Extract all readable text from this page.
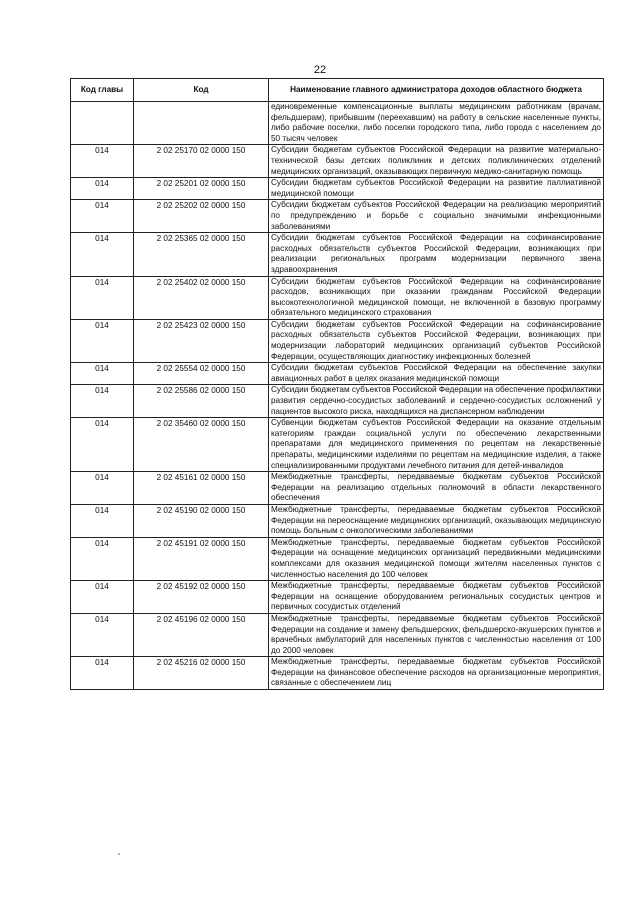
22
Код главы	Код	Наименование главного администратора доходов областного бюджета
		единовременные компенсационные выплаты медицинским работникам (врачам, фельдшерам), прибывшим (переехавшим) на работу в сельские населенные пункты, либо рабочие поселки, либо поселки городского типа, либо города с населением до 50 тысяч человек
014	2 02 25170 02 0000 150	Субсидии бюджетам субъектов Российской Федерации на развитие материально-технической базы детских поликлиник и детских поликлинических отделений медицинских организаций, оказывающих первичную медико-санитарную помощь
014	2 02 25201 02 0000 150	Субсидии бюджетам субъектов Российской Федерации на развитие паллиативной медицинской помощи
014	2 02 25202 02 0000 150	Субсидии бюджетам субъектов Российской Федерации на реализацию мероприятий по предупреждению и борьбе с социально значимыми инфекционными заболеваниями
014	2 02 25365 02 0000 150	Субсидии бюджетам субъектов Российской Федерации на софинансирование расходных обязательств субъектов Российской Федерации, возникающих при реализации региональных программ модернизации первичного звена здравоохранения
014	2 02 25402 02 0000 150	Субсидии бюджетам субъектов Российской Федерации на софинансирование расходов, возникающих при оказании гражданам Российской Федерации высокотехнологичной медицинской помощи, не включенной в базовую программу обязательного медицинского страхования
014	2 02 25423 02 0000 150	Субсидии бюджетам субъектов Российской Федерации на софинансирование расходных обязательств субъектов Российской Федерации, возникающих при модернизации лабораторий медицинских организаций субъектов Российской Федерации, осуществляющих диагностику инфекционных болезней
014	2 02 25554 02 0000 150	Субсидии бюджетам субъектов Российской Федерации на обеспечение закупки авиационных работ в целях оказания медицинской помощи
014	2 02 25586 02 0000 150	Субсидии бюджетам субъектов Российской Федерации на обеспечение профилактики развития сердечно-сосудистых заболеваний и сердечно-сосудистых осложнений у пациентов высокого риска, находящихся на диспансерном наблюдении
014	2 02 35460 02 0000 150	Субвенции бюджетам субъектов Российской Федерации на оказание отдельным категориям граждан социальной услуги по обеспечению лекарственными препаратами для медицинского применения по рецептам на лекарственные препараты, медицинскими изделиями по рецептам на медицинские изделия, а также специализированными продуктами лечебного питания для детей-инвалидов
014	2 02 45161 02 0000 150	Межбюджетные трансферты, передаваемые бюджетам субъектов Российской Федерации на реализацию отдельных полномочий в области лекарственного обеспечения
014	2 02 45190 02 0000 150	Межбюджетные трансферты, передаваемые бюджетам субъектов Российской Федерации на переоснащение медицинских организаций, оказывающих медицинскую помощь больным с онкологическими заболеваниями
014	2 02 45191 02 0000 150	Межбюджетные трансферты, передаваемые бюджетам субъектов Российской Федерации на оснащение медицинских организаций передвижными медицинскими комплексами для оказания медицинской помощи жителям населенных пунктов с численностью населения до 100 человек
014	2 02 45192 02 0000 150	Межбюджетные трансферты, передаваемые бюджетам субъектов Российской Федерации на оснащение оборудованием региональных сосудистых центров и первичных сосудистых отделений
014	2 02 45196 02 0000 150	Межбюджетные трансферты, передаваемые бюджетам субъектов Российской Федерации на создание и замену фельдшерских, фельдшерско-акушерских пунктов и врачебных амбулаторий для населенных пунктов с численностью населения от 100 до 2000 человек
014	2 02 45216 02 0000 150	Межбюджетные трансферты, передаваемые бюджетам субъектов Российской Федерации на финансовое обеспечение расходов на организационные мероприятия, связанные с обеспечением лиц
